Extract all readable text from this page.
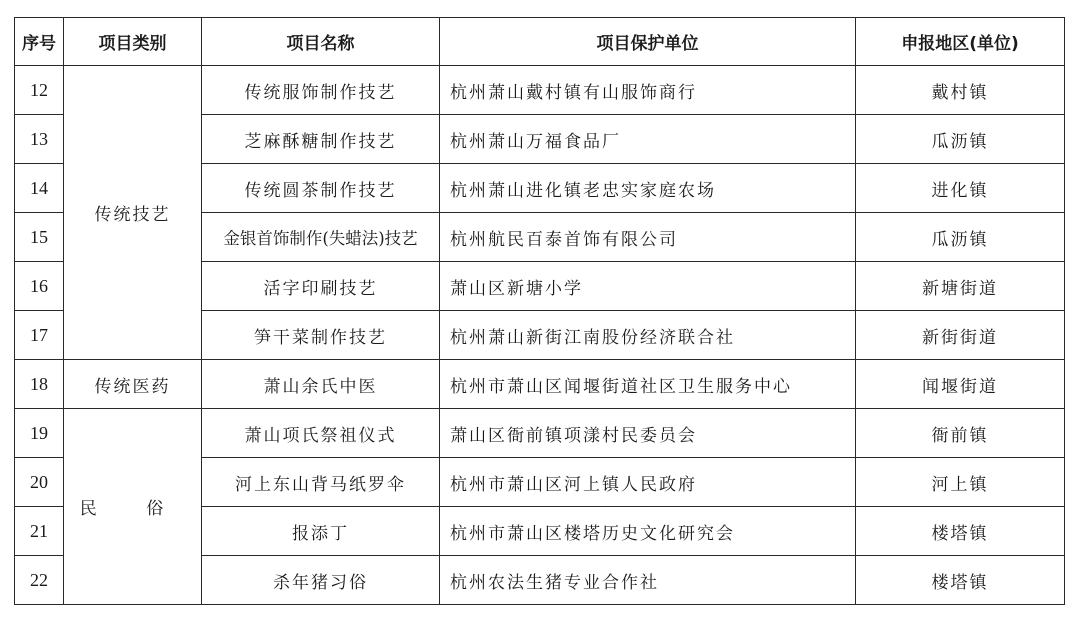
序号	项目类别	项目名称	项目保护单位	申报地区(单位)
12	传统技艺	传统服饰制作技艺	杭州萧山戴村镇有山服饰商行	戴村镇
13		芝麻酥糖制作技艺	杭州萧山万福食品厂	瓜沥镇
14		传统圆茶制作技艺	杭州萧山进化镇老忠实家庭农场	进化镇
15		金银首饰制作(失蜡法)技艺	杭州航民百泰首饰有限公司	瓜沥镇
16		活字印刷技艺	萧山区新塘小学	新塘街道
17		笋干菜制作技艺	杭州萧山新街江南股份经济联合社	新街街道
18	传统医药	萧山余氏中医	杭州市萧山区闻堰街道社区卫生服务中心	闻堰街道
19	民 俗	萧山项氏祭祖仪式	萧山区衙前镇项漾村民委员会	衙前镇
20		河上东山背马纸罗伞	杭州市萧山区河上镇人民政府	河上镇
21		报添丁	杭州市萧山区楼塔历史文化研究会	楼塔镇
22		杀年猪习俗	杭州农法生猪专业合作社	楼塔镇
